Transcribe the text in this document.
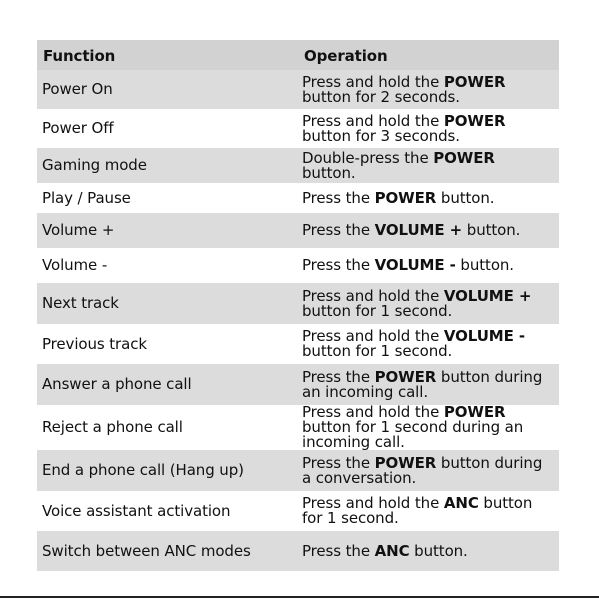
Function	Operation
Power On	Press and hold the POWER button for 2 seconds.
Power Off	Press and hold the POWER button for 3 seconds.
Gaming mode	Double-press the POWER button.
Play / Pause	Press the POWER button.
Volume +	Press the VOLUME + button.
Volume -	Press the VOLUME - button.
Next track	Press and hold the VOLUME + button for 1 second.
Previous track	Press and hold the VOLUME - button for 1 second.
Answer a phone call	Press the POWER button during an incoming call.
Reject a phone call	Press and hold the POWER button for 1 second during an incoming call.
End a phone call (Hang up)	Press the POWER button during a conversation.
Voice assistant activation	Press and hold the ANC button for 1 second.
Switch between ANC modes	Press the ANC button.
